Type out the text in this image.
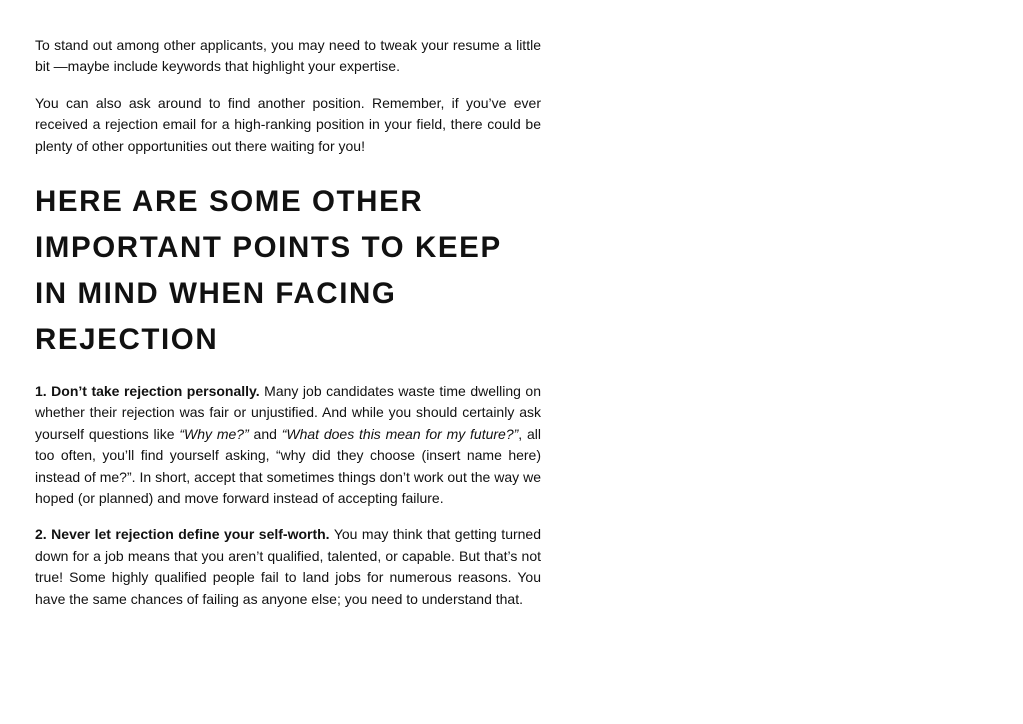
To stand out among other applicants, you may need to tweak your resume a little bit —maybe include keywords that highlight your expertise.

You can also ask around to find another position. Remember, if you’ve ever received a rejection email for a high-ranking position in your field, there could be plenty of other opportunities out there waiting for you!

HERE ARE SOME OTHER IMPORTANT POINTS TO KEEP IN MIND WHEN FACING REJECTION

1. Don’t take rejection personally. Many job candidates waste time dwelling on whether their rejection was fair or unjustified. And while you should certainly ask yourself questions like “Why me?” and “What does this mean for my future?”, all too often, you’ll find yourself asking, “why did they choose (insert name here) instead of me?”. In short, accept that sometimes things don’t work out the way we hoped (or planned) and move forward instead of accepting failure.

2. Never let rejection define your self-worth. You may think that getting turned down for a job means that you aren’t qualified, talented, or capable. But that’s not true! Some highly qualified people fail to land jobs for numerous reasons. You have the same chances of failing as anyone else; you need to understand that.
